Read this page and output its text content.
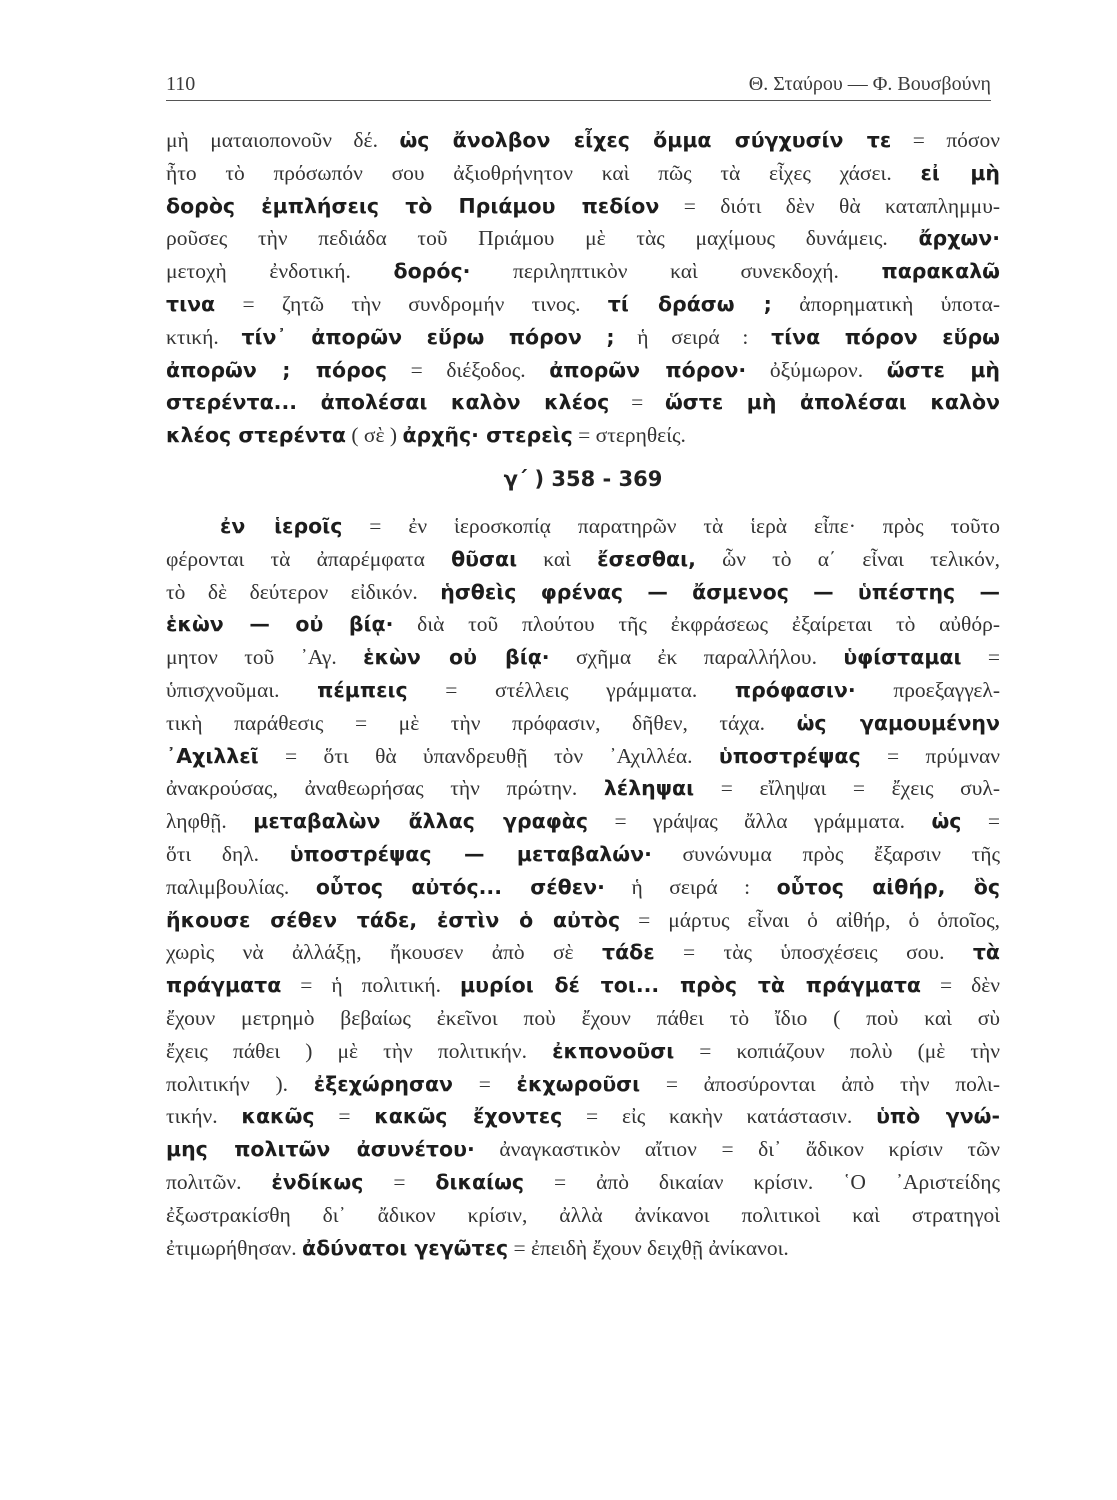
110	Θ. Σταύρου — Φ. Βουσβούνη
μὴ ματαιοπονοῦν δέ. ὡς ἄνολβον εἶχες ὄμμα σύγχυσίν τε = πόσον
ἦτο τὸ πρόσωπόν σου ἀξιοθρήνητον καὶ πῶς τὰ εἶχες χάσει. εἰ μὴ
δορὸς ἐμπλήσεις τὸ Πριάμου πεδίον = διότι δὲν θὰ καταπλημμυ-
ροῦσες τὴν πεδιάδα τοῦ Πριάμου μὲ τὰς μαχίμους δυνάμεις. ἄρχων·
μετοχὴ ἐνδοτική. δορός· περιληπτικὸν καὶ συνεκδοχή. παρακαλῶ
τινα = ζητῶ τὴν συνδρομήν τινος. τί δράσω ; ἀπορηματικὴ ὑποτα-
κτική. τίν᾽ ἀπορῶν εὕρω πόρον ; ἡ σειρά : τίνα πόρον εὕρω
ἀπορῶν ; πόρος = διέξοδος. ἀπορῶν πόρον· ὀξύμωρον. ὥστε μὴ
στερέντα... ἀπολέσαι καλὸν κλέος = ὥστε μὴ ἀπολέσαι καλὸν
κλέος στερέντα ( σὲ ) ἀρχῆς· στερεὶς = στερηθείς.
γ΄ ) 358 - 369
ἐν ἱεροῖς = ἐν ἱεροσκοπίᾳ παρατηρῶν τὰ ἱερὰ εἶπε· πρὸς τοῦτο
φέρονται τὰ ἀπαρέμφατα θῦσαι καὶ ἔσεσθαι, ὧν τὸ α΄ εἶναι τελικόν,
τὸ δὲ δεύτερον εἰδικόν. ἡσθεὶς φρένας — ἄσμενος — ὑπέστης —
ἑκὼν — οὐ βίᾳ· διὰ τοῦ πλούτου τῆς ἐκφράσεως ἐξαίρεται τὸ αὐθόρ-
μητον τοῦ ᾿Αγ. ἑκὼν οὐ βίᾳ· σχῆμα ἐκ παραλλήλου. ὑφίσταμαι =
ὑπισχνοῦμαι. πέμπεις = στέλλεις γράμματα. πρόφασιν· προεξαγγελ-
τικὴ παράθεσις = μὲ τὴν πρόφασιν, δῆθεν, τάχα. ὡς γαμουμένην
᾿Αχιλλεῖ = ὅτι θὰ ὑπανδρευθῇ τὸν ᾿Αχιλλέα. ὑποστρέψας = πρύμναν
ἀνακρούσας, ἀναθεωρήσας τὴν πρώτην. λέληψαι = εἴληψαι = ἔχεις συλ-
ληφθῇ. μεταβαλὼν ἄλλας γραφὰς = γράψας ἄλλα γράμματα. ὡς =
ὅτι δηλ. ὑποστρέψας — μεταβαλών· συνώνυμα πρὸς ἔξαρσιν τῆς
παλιμβουλίας. οὗτος αὐτός... σέθεν· ἡ σειρά : οὗτος αἰθήρ, ὃς
ἤκουσε σέθεν τάδε, ἐστὶν ὁ αὐτὸς = μάρτυς εἶναι ὁ αἰθήρ, ὁ ὁποῖος,
χωρὶς νὰ ἀλλάξῃ, ἤκουσεν ἀπὸ σὲ τάδε = τὰς ὑποσχέσεις σου. τὰ
πράγματα = ἡ πολιτική. μυρίοι δέ τοι... πρὸς τὰ πράγματα = δὲν
ἔχουν μετρημὸ βεβαίως ἐκεῖνοι ποὺ ἔχουν πάθει τὸ ἴδιο ( ποὺ καὶ σὺ
ἔχεις πάθει ) μὲ τὴν πολιτικήν. ἐκπονοῦσι = κοπιάζουν πολὺ (μὲ τὴν
πολιτικήν ). ἐξεχώρησαν = ἐκχωροῦσι = ἀποσύρονται ἀπὸ τὴν πολι-
τικήν. κακῶς = κακῶς ἔχοντες = εἰς κακὴν κατάστασιν. ὑπὸ γνώ-
μης πολιτῶν ἀσυνέτου· ἀναγκαστικὸν αἴτιον = δι᾽ ἄδικον κρίσιν τῶν
πολιτῶν. ἐνδίκως = δικαίως = ἀπὸ δικαίαν κρίσιν. ῾Ο ᾿Αριστείδης
ἐξωστρακίσθη δι᾽ ἄδικον κρίσιν, ἀλλὰ ἀνίκανοι πολιτικοὶ καὶ στρατηγοὶ
ἐτιμωρήθησαν. ἀδύνατοι γεγῶτες = ἐπειδὴ ἔχουν δειχθῇ ἀνίκανοι.
